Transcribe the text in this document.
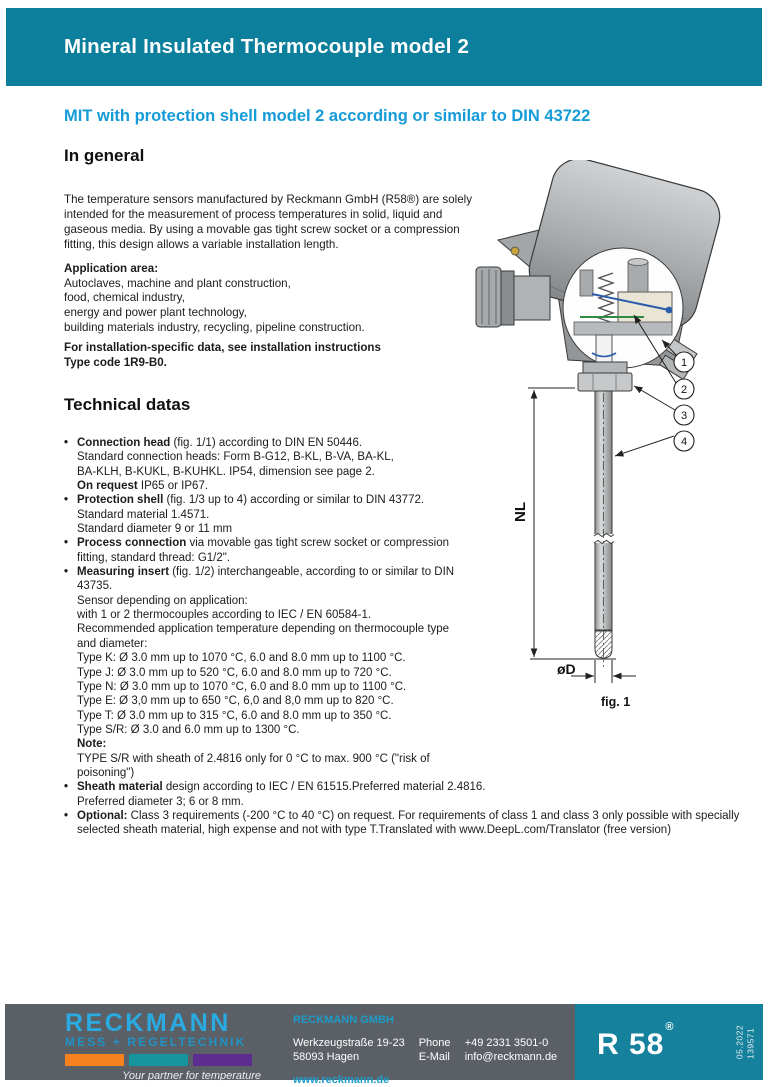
Mineral Insulated Thermocouple model 2
MIT with protection shell model 2 according or similar to DIN 43722
In general
The temperature sensors manufactured by Reckmann GmbH (R58®) are solely
intended for the measurement of process temperatures in solid, liquid and
gaseous media. By using a movable gas tight screw socket or a compression
fitting, this design allows a variable installation length.
Application area:
Autoclaves, machine and plant construction,
food, chemical industry,
energy and power plant technology,
building materials industry, recycling, pipeline construction.
For installation-specific data, see installation instructions
Type code 1R9-B0.
Technical datas
• Connection head (fig. 1/1) according to DIN EN 50446.
Standard connection heads: Form B-G12, B-KL, B-VA, BA-KL,
BA-KLH, B-KUKL, B-KUHKL. IP54, dimension see page 2.
On request IP65 or IP67.
• Protection shell (fig. 1/3 up to 4) according or similar to DIN 43772.
Standard material 1.4571.
Standard diameter 9 or 11 mm
• Process connection via movable gas tight screw socket or compression
fitting, standard thread: G1/2".
• Measuring insert (fig. 1/2) interchangeable, according to or similar to DIN
43735.
Sensor depending on application:
with 1 or 2 thermocouples according to IEC / EN 60584-1.
Recommended application temperature depending on thermocouple type
and diameter:
Type K: Ø 3.0 mm up to 1070 °C, 6.0 and 8.0 mm up to 1100 °C.
Type J: Ø 3.0 mm up to 520 °C, 6.0 and 8.0 mm up to 720 °C.
Type N: Ø 3.0 mm up to 1070 °C, 6.0 and 8.0 mm up to 1100 °C.
Type E: Ø 3,0 mm up to 650 °C, 6,0 and 8,0 mm up to 820 °C.
Type T: Ø 3.0 mm up to 315 °C, 6.0 and 8.0 mm up to 350 °C.
Type S/R: Ø 3.0 and 6.0 mm up to 1300 °C.
Note:
TYPE S/R with sheath of 2.4816 only for 0 °C to max. 900 °C ("risk of
poisoning")
• Sheath material design according to IEC / EN 61515.Preferred material 2.4816.
Preferred diameter 3; 6 or 8 mm.
• Optional: Class 3 requirements (-200 °C to 40 °C) on request. For requirements of class 1 and class 3 only possible with specially
selected sheath material, high expense and not with type T.Translated with www.DeepL.com/Translator (free version)
NL
øD
fig. 1
1
2
3
4
RECKMANN
MESS + REGELTECHNIK
Your partner for temperature
RECKMANN GMBH
Werkzeugstraße 19-23
58093 Hagen
Phone	+49 2331 3501-0
E-Mail	info@reckmann.de
www.reckmann.de
R 58®	05.2022 139571
